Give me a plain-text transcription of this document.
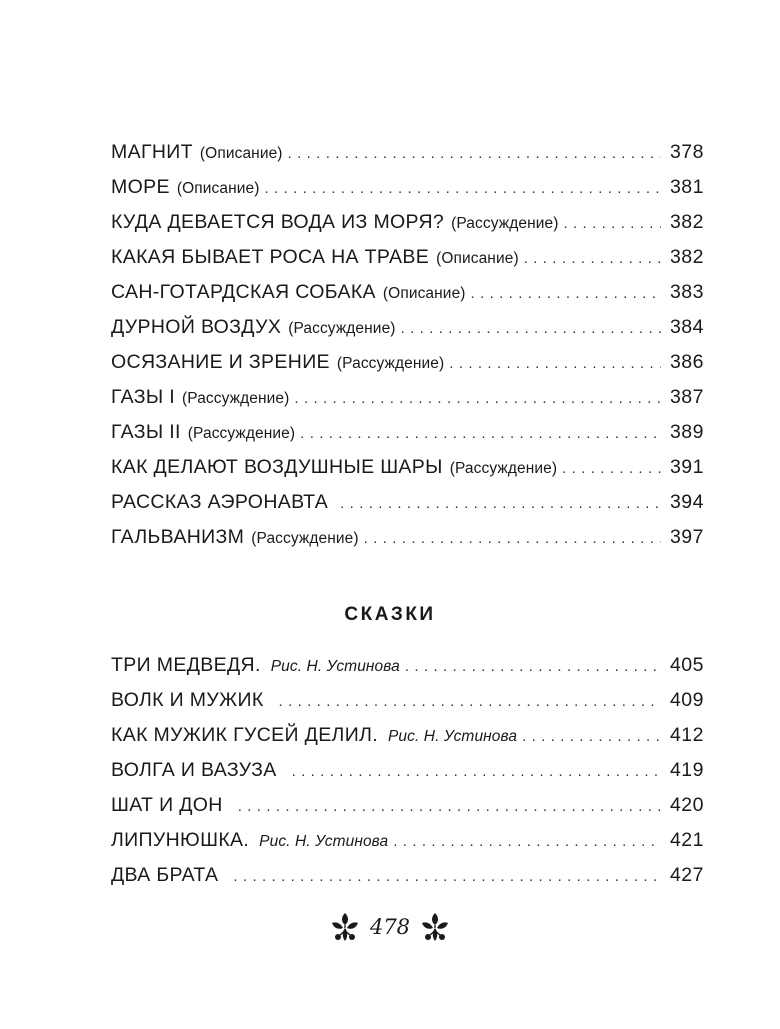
МАГНИТ (Описание) . . .	378
МОРЕ (Описание) . . .	381
КУДА ДЕВАЕТСЯ ВОДА ИЗ МОРЯ? (Рассуждение) . . .	382
КАКАЯ БЫВАЕТ РОСА НА ТРАВЕ (Описание) . . .	382
САН-ГОТАРДСКАЯ СОБАКА (Описание) . . .	383
ДУРНОЙ ВОЗДУХ (Рассуждение) . . .	384
ОСЯЗАНИЕ И ЗРЕНИЕ (Рассуждение) . . .	386
ГАЗЫ I (Рассуждение) . . .	387
ГАЗЫ II (Рассуждение) . . .	389
КАК ДЕЛАЮТ ВОЗДУШНЫЕ ШАРЫ (Рассуждение) . . .	391
РАССКАЗ АЭРОНАВТА . . .	394
ГАЛЬВАНИЗМ (Рассуждение) . . .	397
СКАЗКИ
ТРИ МЕДВЕДЯ. Рис. Н. Устинова . . .	405
ВОЛК И МУЖИК . . .	409
КАК МУЖИК ГУСЕЙ ДЕЛИЛ. Рис. Н. Устинова . . .	412
ВОЛГА И ВАЗУЗА . . .	419
ШАТ И ДОН . . .	420
ЛИПУНЮШКА. Рис. Н. Устинова . . .	421
ДВА БРАТА . . .	427
478
